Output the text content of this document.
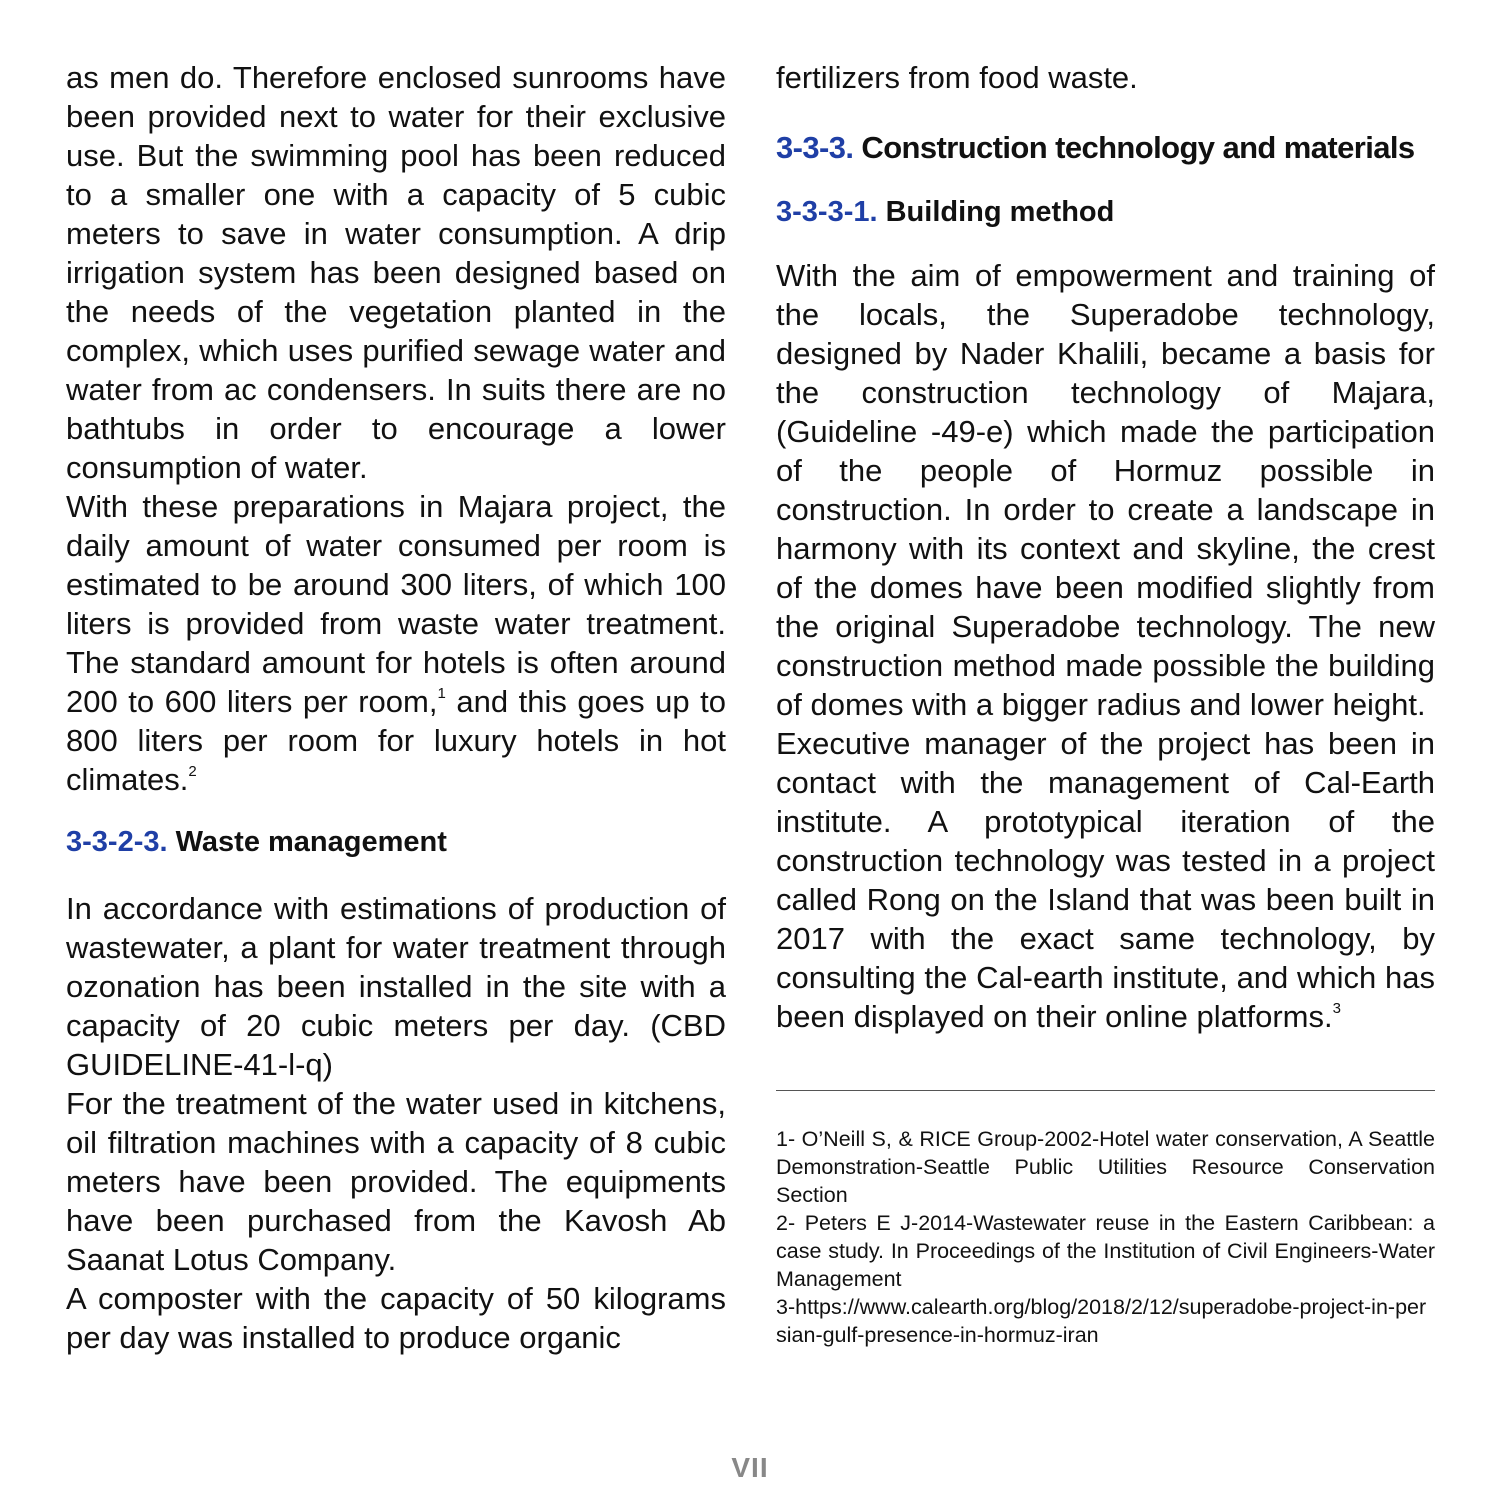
as men do. Therefore enclosed sunrooms have been provided next to water for their exclusive use. But the swimming pool has been reduced to a smaller one with a capacity of 5 cubic meters to save in water consumption. A drip irrigation system has been designed based on the needs of the vegetation planted in the complex, which uses purified sewage water and water from ac condensers. In suits there are no bathtubs in order to encourage a lower consumption of water.

With these preparations in Majara project, the daily amount of water consumed per room is estimated to be around 300 liters, of which 100 liters is provided from waste water treatment. The standard amount for hotels is often around 200 to 600 liters per room,$^1$ and this goes up to 800 liters per room for luxury hotels in hot climates.$^2$

3-3-2-3. Waste management

In accordance with estimations of production of wastewater, a plant for water treatment through ozonation has been installed in the site with a capacity of 20 cubic meters per day. (CBD GUIDELINE-41-l-q)

For the treatment of the water used in kitchens, oil filtration machines with a capacity of 8 cubic meters have been provided. The equipments have been purchased from the Kavosh Ab Saanat Lotus Company.

A composter with the capacity of 50 kilograms per day was installed to produce organic

fertilizers from food waste.

3-3-3. Construction technology and materials

3-3-3-1. Building method

With the aim of empowerment and training of the locals, the Superadobe technology, designed by Nader Khalili, became a basis for the construction technology of Majara, (Guideline -49-e) which made the participation of the people of Hormuz possible in construction. In order to create a landscape in harmony with its context and skyline, the crest of the domes have been modified slightly from the original Superadobe technology. The new construction method made possible the building of domes with a bigger radius and lower height.

Executive manager of the project has been in contact with the management of Cal-Earth institute. A prototypical iteration of the construction technology was tested in a project called Rong on the Island that was been built in 2017 with the exact same technology, by consulting the Cal-earth institute, and which has been displayed on their online platforms.$^3$

1- O’Neill S, & RICE Group-2002-Hotel water conservation, A Seattle Demonstration-Seattle Public Utilities Resource Conservation Section

2- Peters E J-2014-Wastewater reuse in the Eastern Caribbean: a case study. In Proceedings of the Institution of Civil Engineers-Water Management

3-https://www.calearth.org/blog/2018/2/12/superadobe-project-in-persian-gulf-presence-in-hormuz-iran

VII
